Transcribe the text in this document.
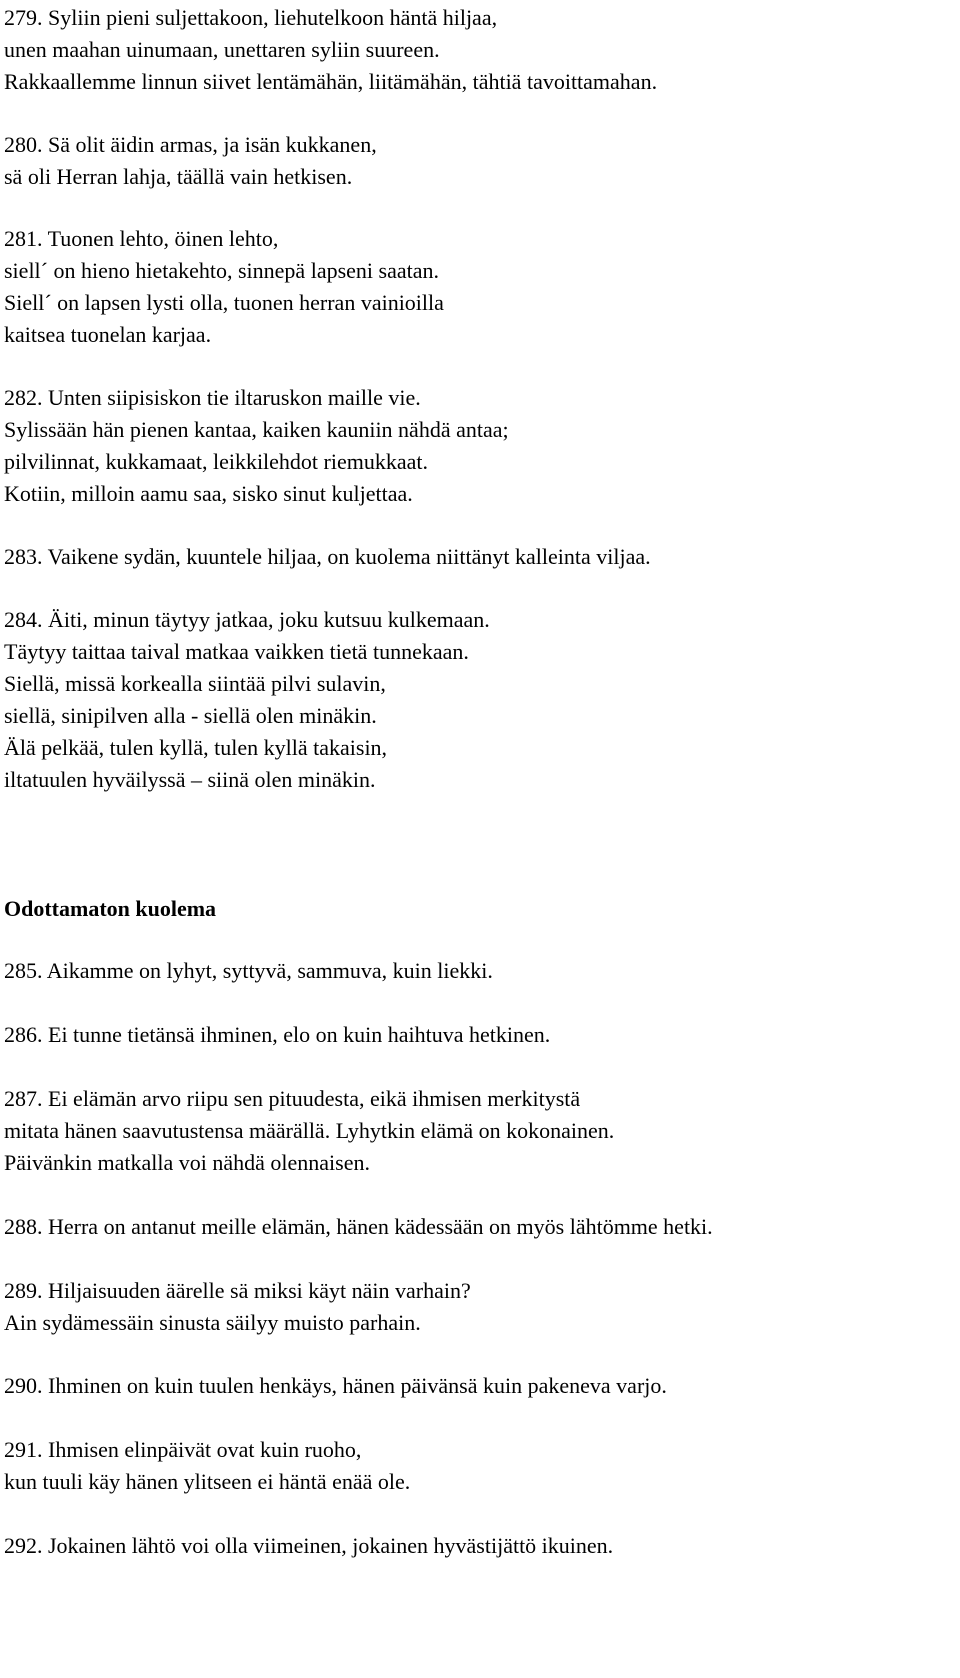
279. Syliin pieni suljettakoon, liehutelkoon häntä hiljaa,
unen maahan uinumaan, unettaren syliin suureen.
Rakkaallemme linnun siivet lentämähän, liitämähän, tähtiä tavoittamahan.
280. Sä olit äidin armas, ja isän kukkanen,
sä oli Herran lahja, täällä vain hetkisen.
281. Tuonen lehto, öinen lehto,
siell´ on hieno hietakehto, sinnepä lapseni saatan.
Siell´ on lapsen lysti olla, tuonen herran vainioilla
kaitsea tuonelan karjaa.
282. Unten siipisiskon tie iltaruskon maille vie.
Sylissään hän pienen kantaa, kaiken kauniin nähdä antaa;
pilvilinnat, kukkamaat, leikkilehdot riemukkaat.
Kotiin, milloin aamu saa, sisko sinut kuljettaa.
283. Vaikene sydän, kuuntele hiljaa, on kuolema niittänyt kalleinta viljaa.
284. Äiti, minun täytyy jatkaa, joku kutsuu kulkemaan.
Täytyy taittaa taival matkaa vaikken tietä tunnekaan.
Siellä, missä korkealla siintää pilvi sulavin,
siellä, sinipilven alla - siellä olen minäkin.
Älä pelkää, tulen kyllä, tulen kyllä takaisin,
iltatuulen hyväilyssä – siinä olen minäkin.
Odottamaton kuolema
285. Aikamme on lyhyt, syttyvä, sammuva, kuin liekki.
286. Ei tunne tietänsä ihminen, elo on kuin haihtuva hetkinen.
287. Ei elämän arvo riipu sen pituudesta, eikä ihmisen merkitystä
mitata hänen saavutustensa määrällä. Lyhytkin elämä on kokonainen.
Päivänkin matkalla voi nähdä olennaisen.
288. Herra on antanut meille elämän, hänen kädessään on myös lähtömme hetki.
289. Hiljaisuuden äärelle sä miksi käyt näin varhain?
Ain sydämessäin sinusta säilyy muisto parhain.
290. Ihminen on kuin tuulen henkäys, hänen päivänsä kuin pakeneva varjo.
291. Ihmisen elinpäivät ovat kuin ruoho,
kun tuuli käy hänen ylitseen ei häntä enää ole.
292. Jokainen lähtö voi olla viimeinen, jokainen hyvästijättö ikuinen.
